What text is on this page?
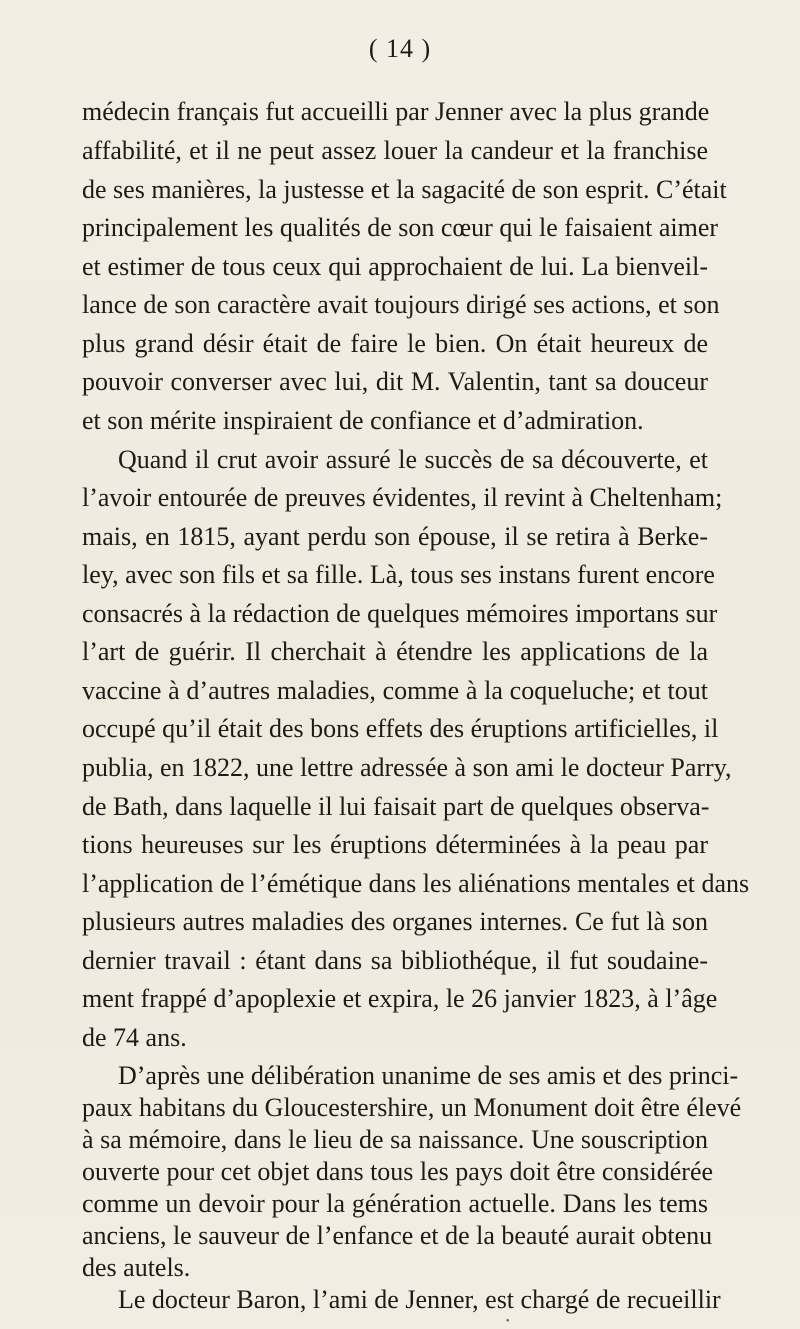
( 14 )
médecin français fut accueilli par Jenner avec la plus grande
affabilité, et il ne peut assez louer la candeur et la franchise
de ses manières, la justesse et la sagacité de son esprit. C’était
principalement les qualités de son cœur qui le faisaient aimer
et estimer de tous ceux qui approchaient de lui. La bienveil-
lance de son caractère avait toujours dirigé ses actions, et son
plus grand désir était de faire le bien. On était heureux de
pouvoir converser avec lui, dit M. Valentin, tant sa douceur
et son mérite inspiraient de confiance et d’admiration.
Quand il crut avoir assuré le succès de sa découverte, et
l’avoir entourée de preuves évidentes, il revint à Cheltenham;
mais, en 1815, ayant perdu son épouse, il se retira à Berke-
ley, avec son fils et sa fille. Là, tous ses instans furent encore
consacrés à la rédaction de quelques mémoires importans sur
l’art de guérir. Il cherchait à étendre les applications de la
vaccine à d’autres maladies, comme à la coqueluche; et tout
occupé qu’il était des bons effets des éruptions artificielles, il
publia, en 1822, une lettre adressée à son ami le docteur Parry,
de Bath, dans laquelle il lui faisait part de quelques observa-
tions heureuses sur les éruptions déterminées à la peau par
l’application de l’émétique dans les aliénations mentales et dans
plusieurs autres maladies des organes internes. Ce fut là son
dernier travail : étant dans sa bibliothéque, il fut soudaine-
ment frappé d’apoplexie et expira, le 26 janvier 1823, à l’âge
de 74 ans.
D’après une délibération unanime de ses amis et des princi-
paux habitans du Gloucestershire, un Monument doit être élevé
à sa mémoire, dans le lieu de sa naissance. Une souscription
ouverte pour cet objet dans tous les pays doit être considérée
comme un devoir pour la génération actuelle. Dans les tems
anciens, le sauveur de l’enfance et de la beauté aurait obtenu
des autels.
Le docteur Baron, l’ami de Jenner, est chargé de recueillir
•
